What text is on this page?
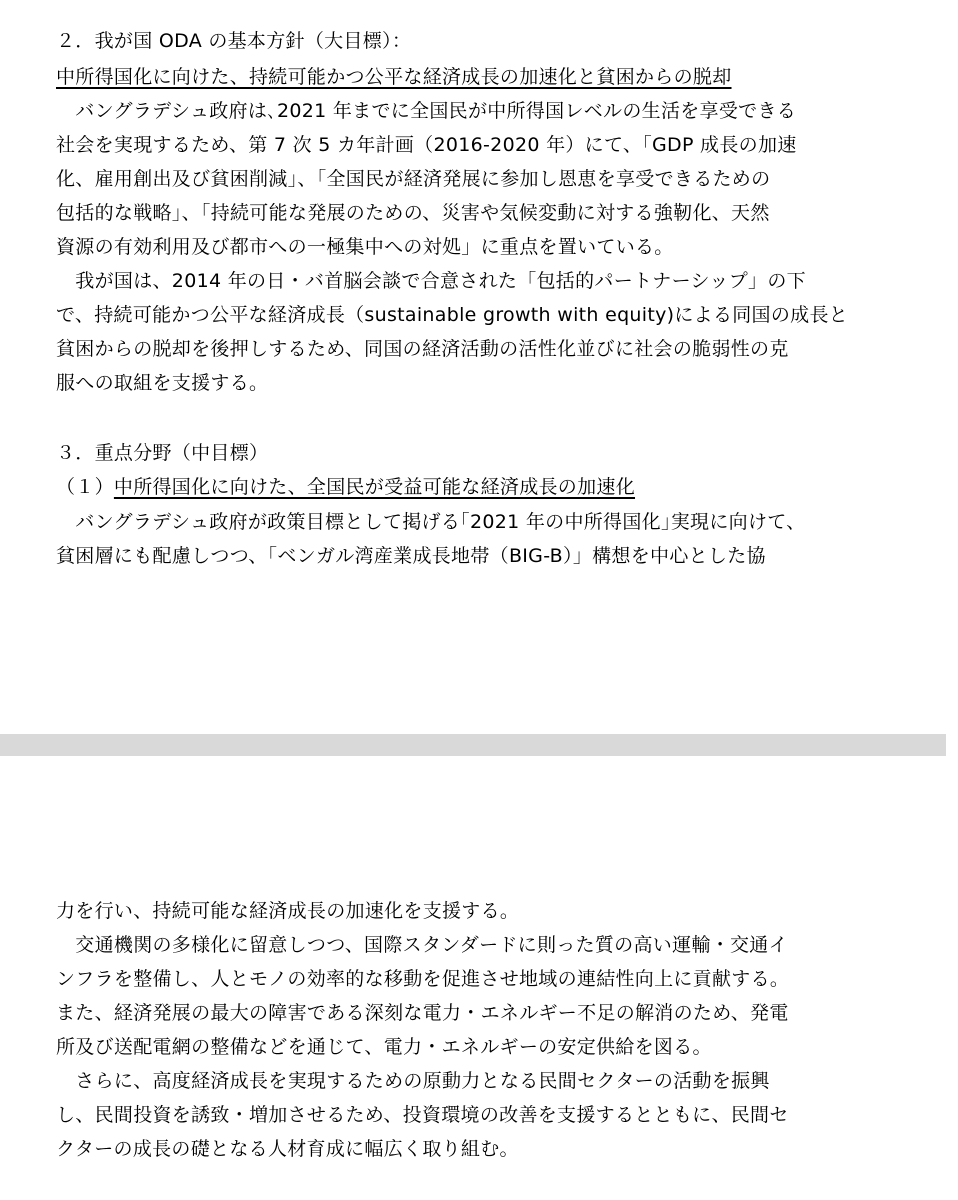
２．我が国 ODA の基本方針（大目標）：
中所得国化に向けた、持続可能かつ公平な経済成長の加速化と貧困からの脱却
　バングラデシュ政府は､2021 年までに全国民が中所得国レベルの生活を享受できる
社会を実現するため、第 7 次 5 カ年計画（2016-2020 年）にて、「GDP 成長の加速
化、雇用創出及び貧困削減」、「全国民が経済発展に参加し恩恵を享受できるための
包括的な戦略」、「持続可能な発展のための、災害や気候変動に対する強靭化、天然
資源の有効利用及び都市への一極集中への対処」に重点を置いている。
　我が国は、2014 年の日・バ首脳会談で合意された「包括的パートナーシップ」の下
で、持続可能かつ公平な経済成長（sustainable growth with equity)による同国の成長と
貧困からの脱却を後押しするため、同国の経済活動の活性化並びに社会の脆弱性の克
服への取組を支援する。
３．重点分野（中目標）
（１）中所得国化に向けた、全国民が受益可能な経済成長の加速化
　バングラデシュ政府が政策目標として掲げる｢2021 年の中所得国化｣実現に向けて、
貧困層にも配慮しつつ、「ベンガル湾産業成長地帯（BIG-B）」構想を中心とした協
力を行い、持続可能な経済成長の加速化を支援する。
　交通機関の多様化に留意しつつ、国際スタンダードに則った質の高い運輸・交通イ
ンフラを整備し、人とモノの効率的な移動を促進させ地域の連結性向上に貢献する。
また、経済発展の最大の障害である深刻な電力・エネルギー不足の解消のため、発電
所及び送配電網の整備などを通じて、電力・エネルギーの安定供給を図る。
　さらに、高度経済成長を実現するための原動力となる民間セクターの活動を振興
し、民間投資を誘致・増加させるため、投資環境の改善を支援するとともに、民間セ
クターの成長の礎となる人材育成に幅広く取り組む。
